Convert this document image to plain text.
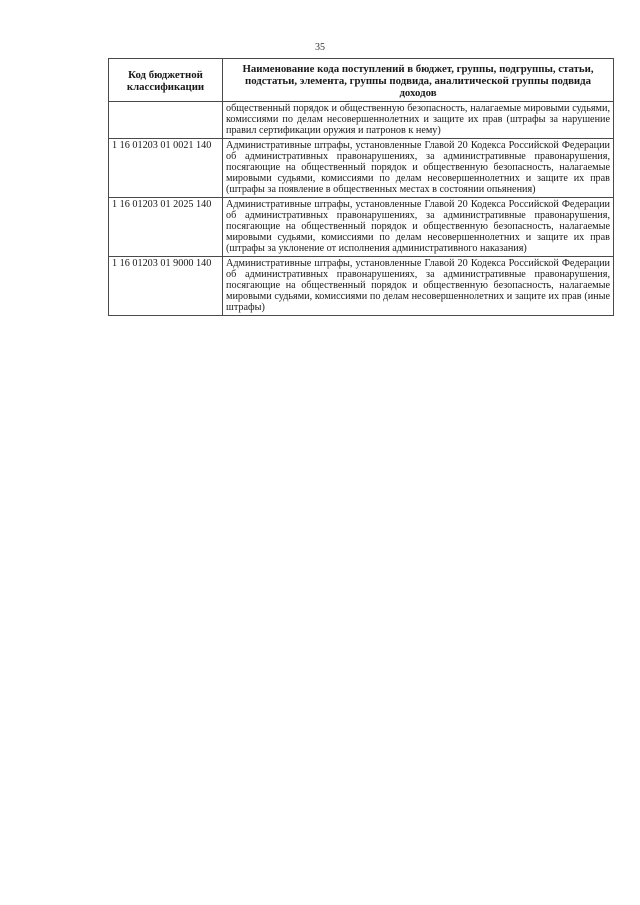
35
Код бюджетной классификации	Наименование кода поступлений в бюджет, группы, подгруппы, статьи, подстатьи, элемента, группы подвида, аналитической группы подвида доходов
	общественный порядок и общественную безопасность, налагаемые мировыми судьями, комиссиями по делам несовершеннолетних и защите их прав (штрафы за нарушение правил сертификации оружия и патронов к нему)
1 16 01203 01 0021 140	Административные штрафы, установленные Главой 20 Кодекса Российской Федерации об административных правонарушениях, за административные правонарушения, посягающие на общественный порядок и общественную безопасность, налагаемые мировыми судьями, комиссиями по делам несовершеннолетних и защите их прав (штрафы за появление в общественных местах в состоянии опьянения)
1 16 01203 01 2025 140	Административные штрафы, установленные Главой 20 Кодекса Российской Федерации об административных правонарушениях, за административные правонарушения, посягающие на общественный порядок и общественную безопасность, налагаемые мировыми судьями, комиссиями по делам несовершеннолетних и защите их прав (штрафы за уклонение от исполнения административного наказания)
1 16 01203 01 9000 140	Административные штрафы, установленные Главой 20 Кодекса Российской Федерации об административных правонарушениях, за административные правонарушения, посягающие на общественный порядок и общественную безопасность, налагаемые мировыми судьями, комиссиями по делам несовершеннолетних и защите их прав (иные штрафы)
